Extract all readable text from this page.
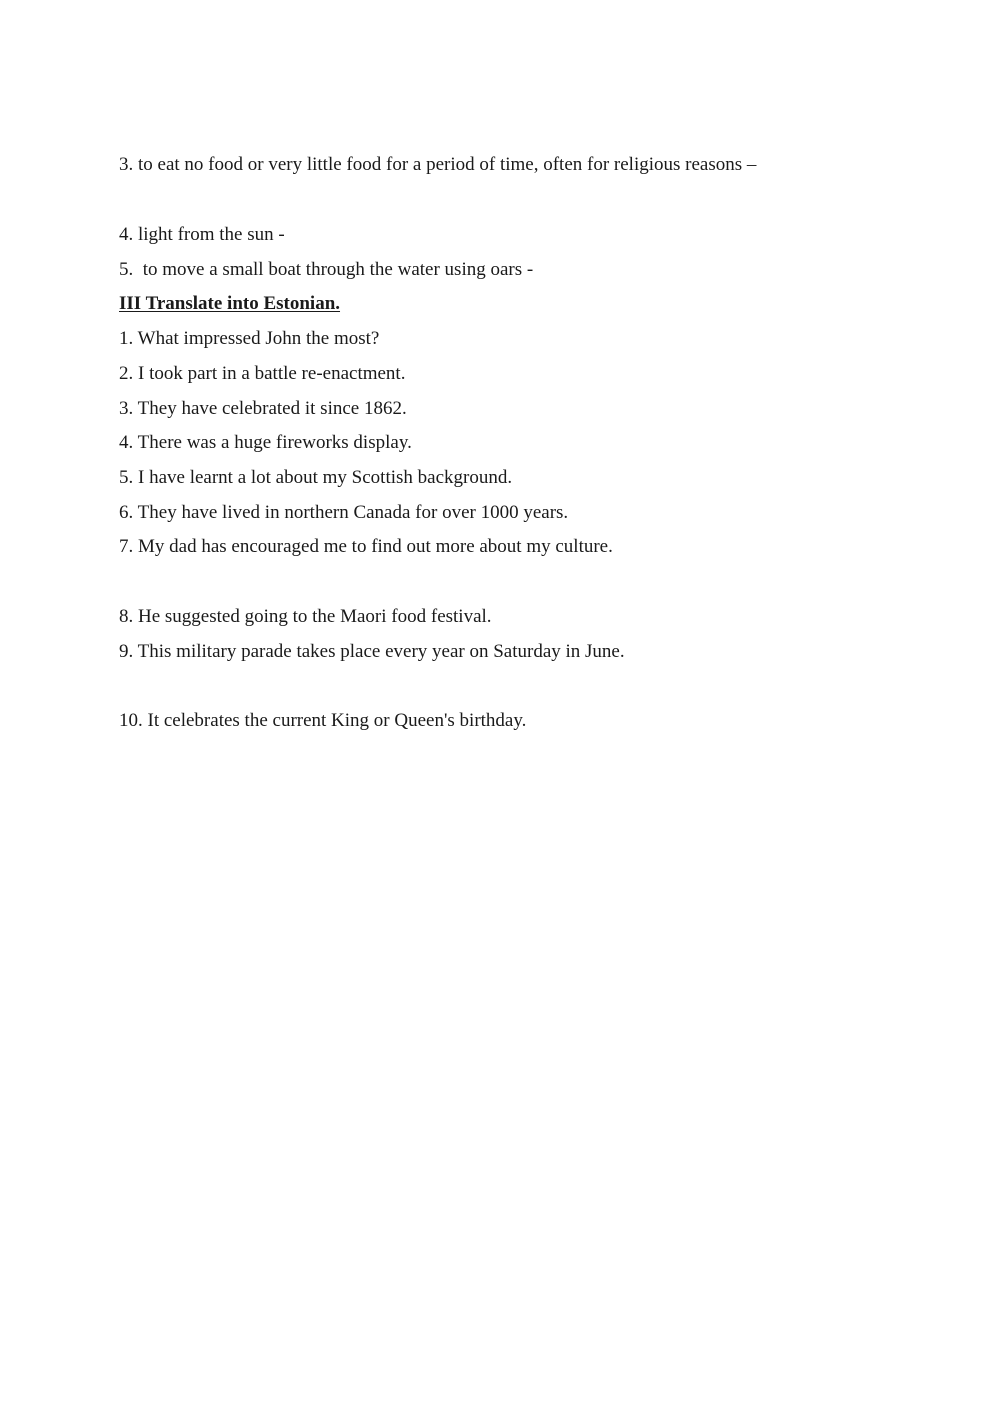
3. to eat no food or very little food for a period of time, often for religious reasons –
4. light from the sun -
5.  to move a small boat through the water using oars -
III Translate into Estonian.
1. What impressed John the most?
2. I took part in a battle re-enactment.
3. They have celebrated it since 1862.
4. There was a huge fireworks display.
5. I have learnt a lot about my Scottish background.
6. They have lived in northern Canada for over 1000 years.
7. My dad has encouraged me to find out more about my culture.
8. He suggested going to the Maori food festival.
9. This military parade takes place every year on Saturday in June.
10. It celebrates the current King or Queen's birthday.
